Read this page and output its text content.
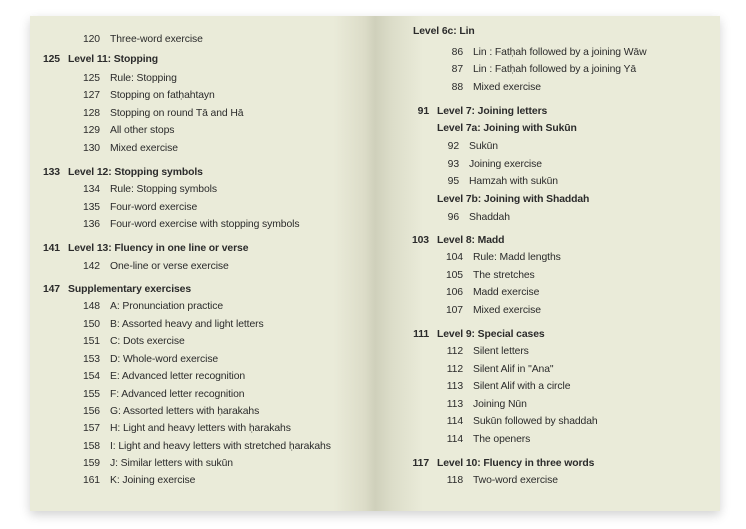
120 Three-word exercise
125 Level 11: Stopping
125 Rule: Stopping
127 Stopping on fatḥahtayn
128 Stopping on round Tā and Hā
129 All other stops
130 Mixed exercise
133 Level 12: Stopping symbols
134 Rule: Stopping symbols
135 Four-word exercise
136 Four-word exercise with stopping symbols
141 Level 13: Fluency in one line or verse
142 One-line or verse exercise
147 Supplementary exercises
148 A: Pronunciation practice
150 B: Assorted heavy and light letters
151 C: Dots exercise
153 D: Whole-word exercise
154 E: Advanced letter recognition
155 F: Advanced letter recognition
156 G: Assorted letters with ḥarakahs
157 H: Light and heavy letters with ḥarakahs
158 I: Light and heavy letters with stretched ḥarakahs
159 J: Similar letters with sukūn
161 K: Joining exercise
Level 6c: Lin
86 Lin : Fatḥah followed by a joining Wāw
87 Lin : Fatḥah followed by a joining Yā
88 Mixed exercise
91 Level 7: Joining letters
Level 7a: Joining with Sukūn
92 Sukūn
93 Joining exercise
95 Hamzah with sukūn
Level 7b: Joining with Shaddah
96 Shaddah
103 Level 8: Madd
104 Rule: Madd lengths
105 The stretches
106 Madd exercise
107 Mixed exercise
111 Level 9: Special cases
112 Silent letters
112 Silent Alif in "Ana"
113 Silent Alif with a circle
113 Joining Nūn
114 Sukūn followed by shaddah
114 The openers
117 Level 10: Fluency in three words
118 Two-word exercise
